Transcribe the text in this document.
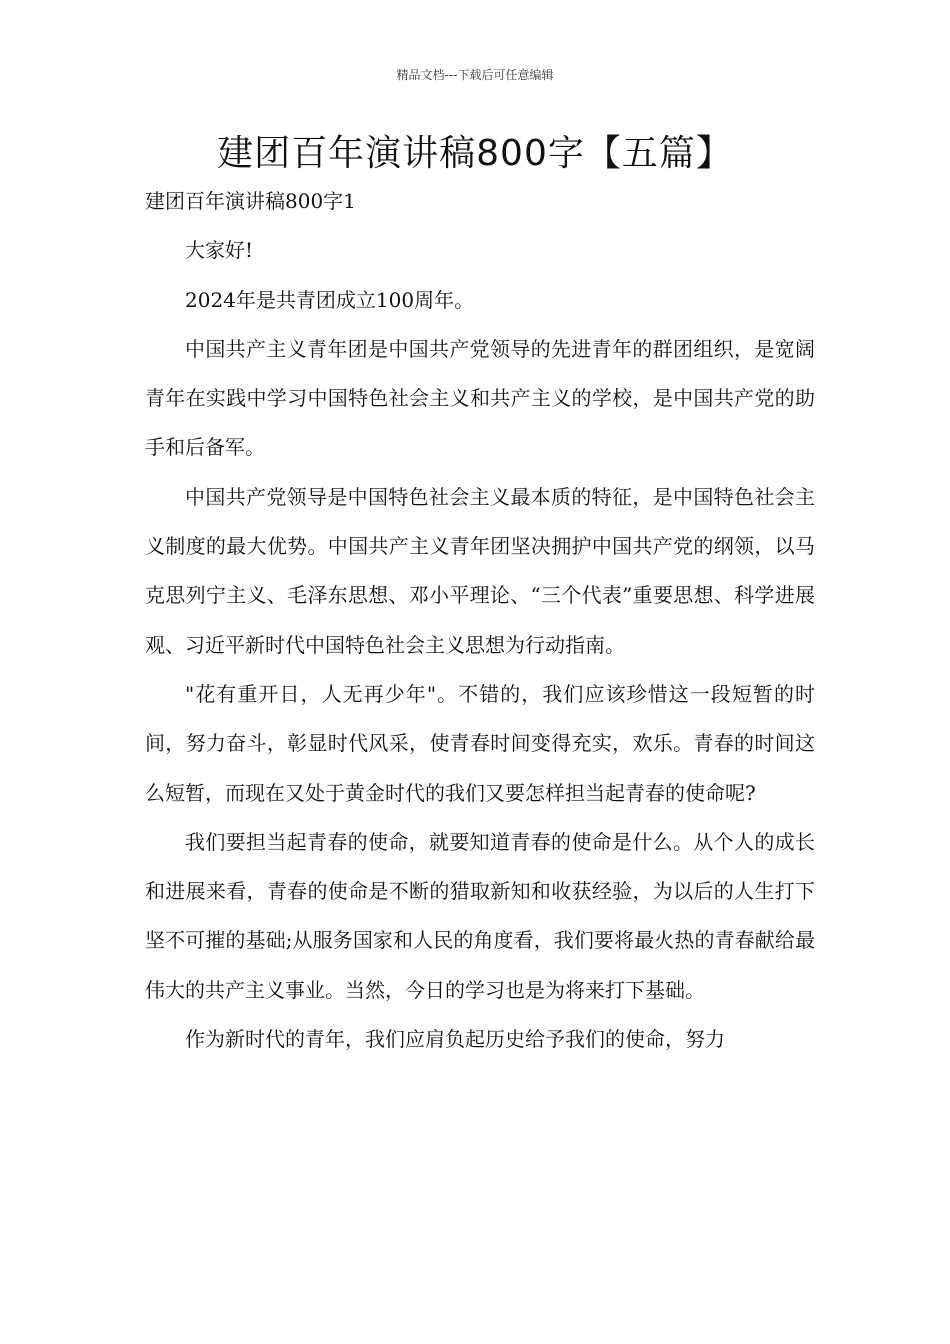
精品文档---下载后可任意编辑
建团百年演讲稿800字【五篇】

建团百年演讲稿800字1

大家好!

2024年是共青团成立100周年。

中国共产主义青年团是中国共产党领导的先进青年的群团组织，是宽阔青年在实践中学习中国特色社会主义和共产主义的学校，是中国共产党的助手和后备军。

中国共产党领导是中国特色社会主义最本质的特征，是中国特色社会主义制度的最大优势。中国共产主义青年团坚决拥护中国共产党的纲领，以马克思列宁主义、毛泽东思想、邓小平理论、“三个代表”重要思想、科学进展观、习近平新时代中国特色社会主义思想为行动指南。

"花有重开日，人无再少年"。不错的，我们应该珍惜这一段短暂的时间，努力奋斗，彰显时代风采，使青春时间变得充实，欢乐。青春的时间这么短暂，而现在又处于黄金时代的我们又要怎样担当起青春的使命呢?

我们要担当起青春的使命，就要知道青春的使命是什么。从个人的成长和进展来看，青春的使命是不断的猎取新知和收获经验，为以后的人生打下坚不可摧的基础;从服务国家和人民的角度看，我们要将最火热的青春献给最伟大的共产主义事业。当然，今日的学习也是为将来打下基础。

作为新时代的青年，我们应肩负起历史给予我们的使命，努力
